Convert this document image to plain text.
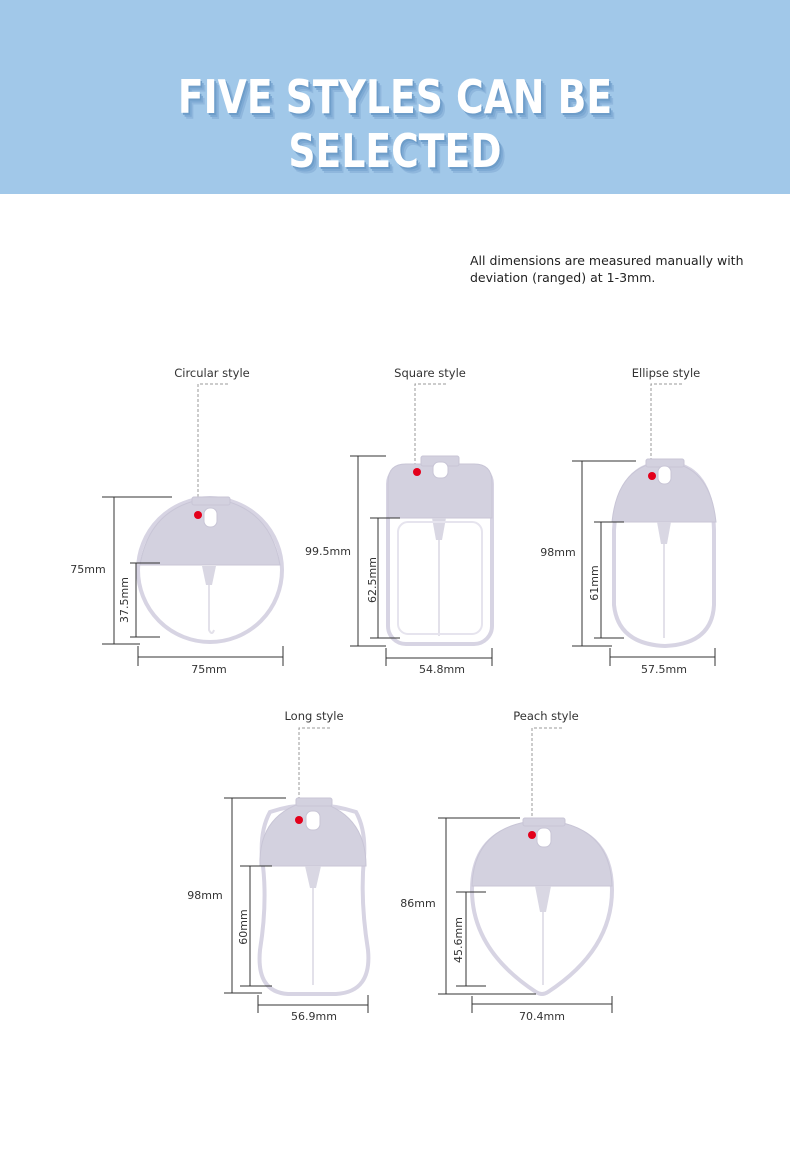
FIVE STYLES CAN BE SELECTED
All dimensions are measured manually with deviation (ranged) at 1-3mm.
Circular style
75mm
37.5mm
75mm
Square style
99.5mm
62.5mm
54.8mm
Ellipse style
98mm
61mm
57.5mm
Long style
98mm
60mm
56.9mm
Peach style
86mm
45.6mm
70.4mm
